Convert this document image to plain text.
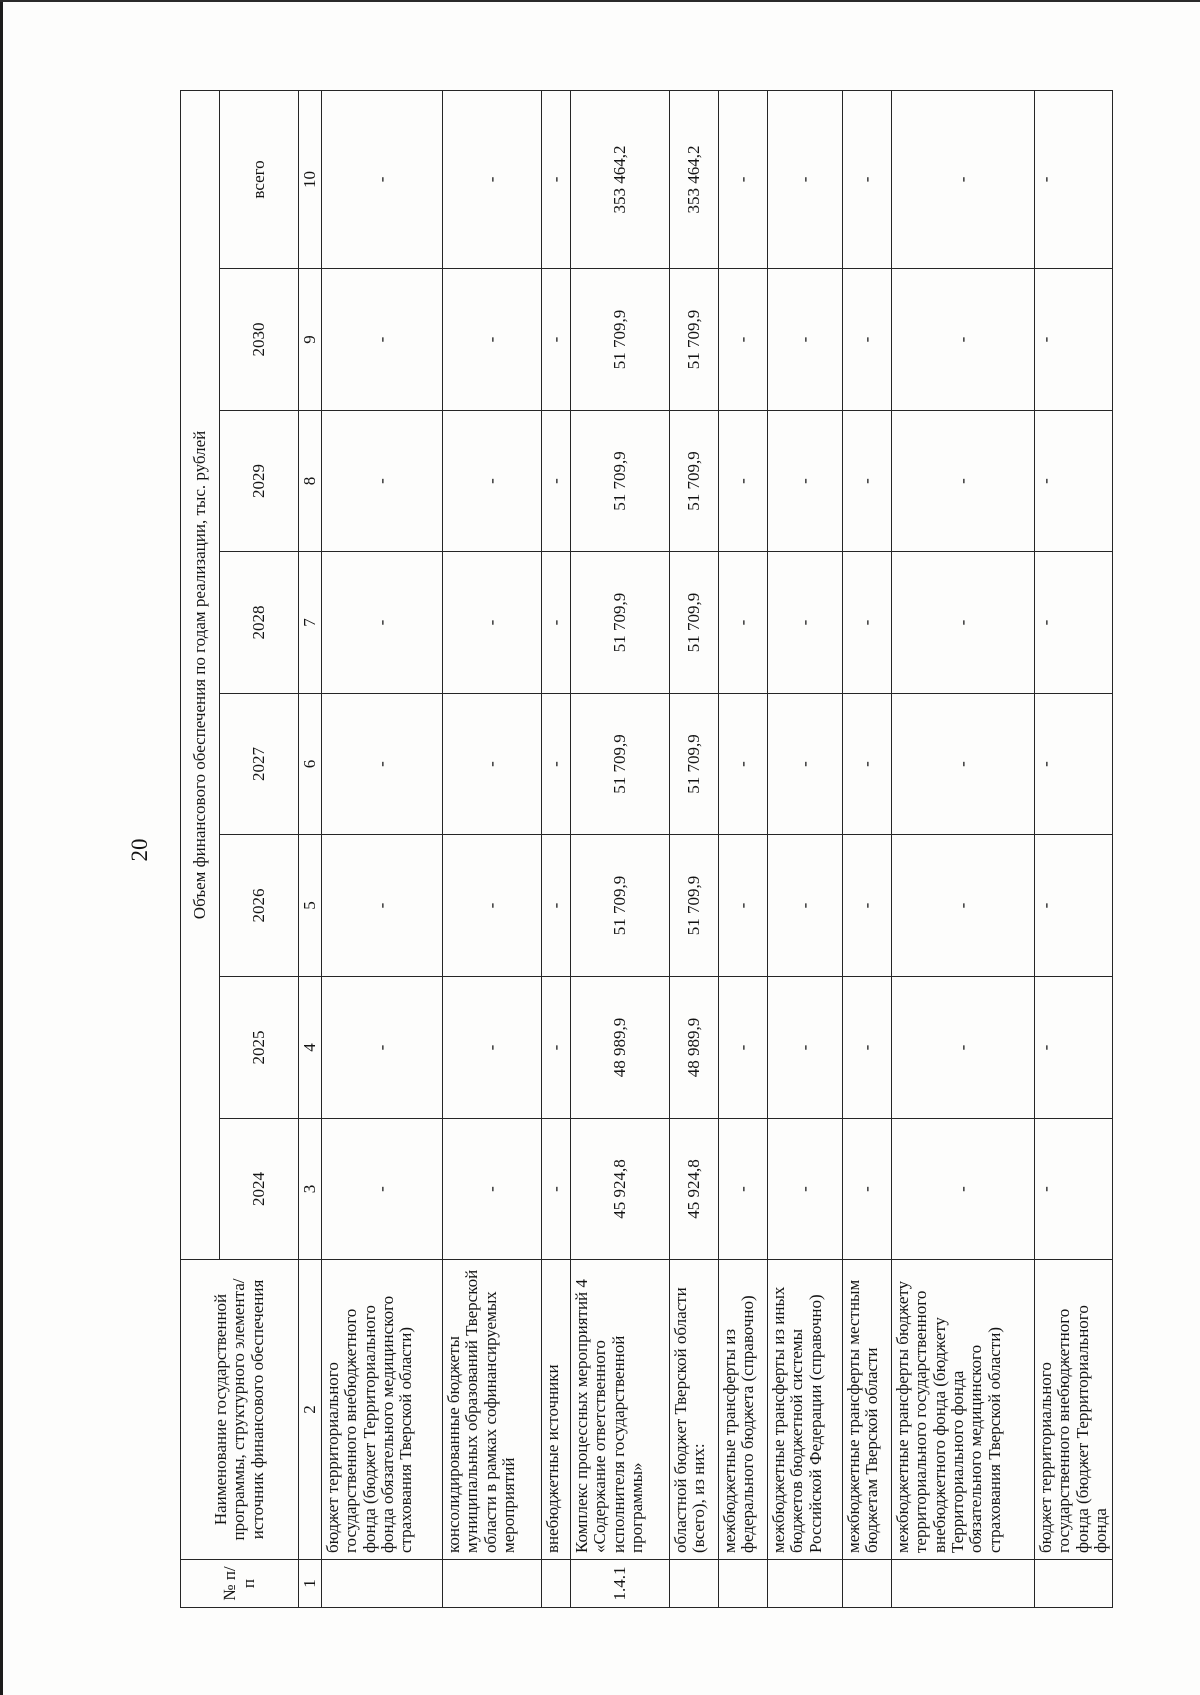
20
№ п/п	Наименование государственной программы, структурного элемента/источник финансового обеспечения	Объем финансового обеспечения по годам реализации, тыс. рублей							
		2024	2025	2026	2027	2028	2029	2030	всего
1	2	3	4	5	6	7	8	9	10
	бюджет территориального государственного внебюджетного фонда (бюджет Территориального фонда обязательного медицинского страхования Тверской области)	-	-	-	-	-	-	-	-
	консолидированные бюджеты муниципальных образований Тверской области в рамках софинансируемых мероприятий	-	-	-	-	-	-	-	-
	внебюджетные источники	-	-	-	-	-	-	-	-
1.4.1	Комплекс процессных мероприятий 4 «Содержание ответственного исполнителя государственной программы»	45 924,8	48 989,9	51 709,9	51 709,9	51 709,9	51 709,9	51 709,9	353 464,2
	областной бюджет Тверской области (всего), из них:	45 924,8	48 989,9	51 709,9	51 709,9	51 709,9	51 709,9	51 709,9	353 464,2
	межбюджетные трансферты из федерального бюджета (справочно)	-	-	-	-	-	-	-	-
	межбюджетные трансферты из иных бюджетов бюджетной системы Российской Федерации (справочно)	-	-	-	-	-	-	-	-
	межбюджетные трансферты местным бюджетам Тверской области	-	-	-	-	-	-	-	-
	межбюджетные трансферты бюджету территориального государственного внебюджетного фонда (бюджету Территориального фонда обязательного медицинского страхования Тверской области)	-	-	-	-	-	-	-	-
	бюджет территориального государственного внебюджетного фонда (бюджет Территориального фонда	-	-	-	-	-	-	-	-
